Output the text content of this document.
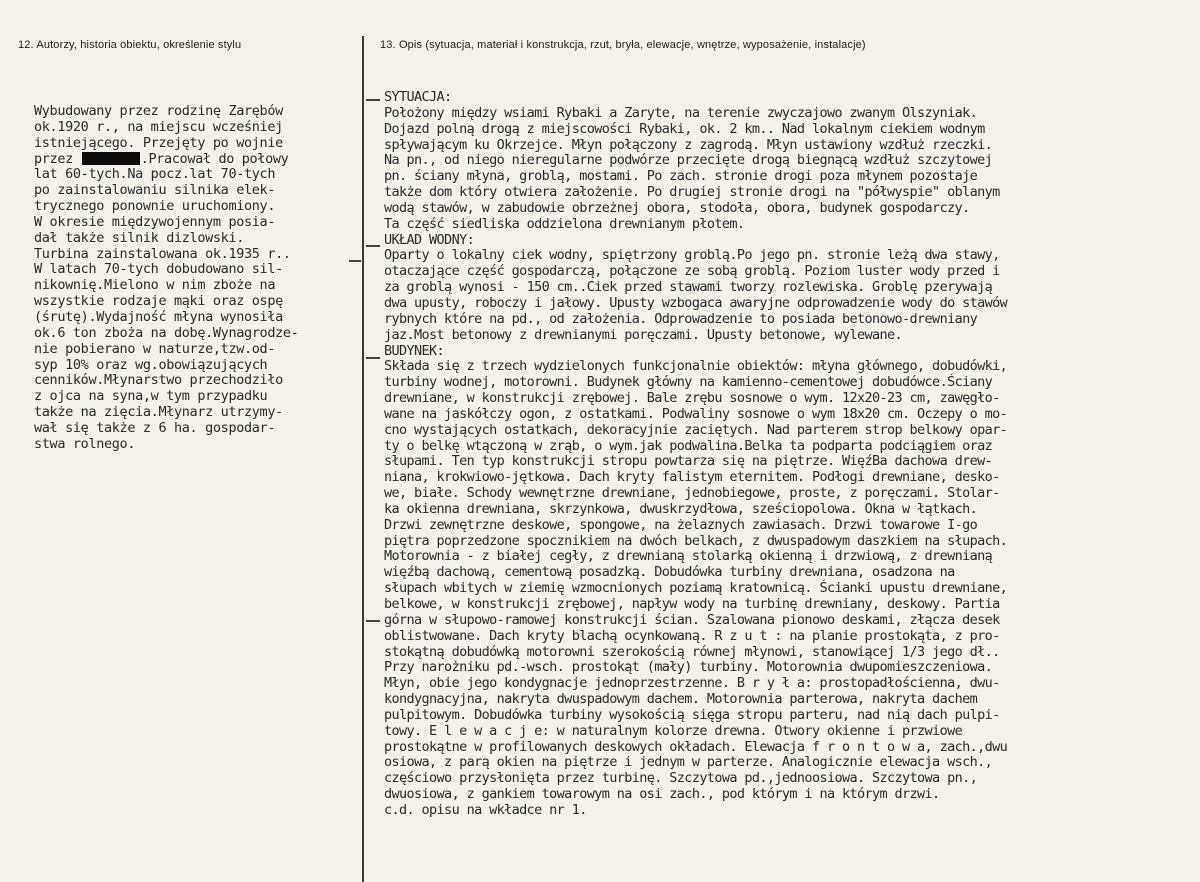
12. Autorzy, historia obiektu, określenie stylu	13. Opis (sytuacja, materiał i konstrukcja, rzut, bryła, elewacje, wnętrze, wyposażenie, instalacje)
Wybudowany przez rodzinę Zarębów
ok.1920 r., na miejscu wcześniej
istniejącego. Przejęty po wojnie
przez	.Pracował do połowy
lat 60-tych.Na pocz.lat 70-tych
po zainstalowaniu silnika elek-
trycznego ponownie uruchomiony.
W okresie międzywojennym posia-
dał także silnik dizlowski.
Turbina zainstalowana ok.1935 r..
W latach 70-tych dobudowano sil-
nikownię.Mielono w nim zboże na
wszystkie rodzaje mąki oraz ospę
(śrutę).Wydajność młyna wynosiła
ok.6 ton zboża na dobę.Wynagrodze-
nie pobierano w naturze,tzw.od-
syp 10% oraz wg.obowiązujących
cenników.Młynarstwo przechodziło
z ojca na syna,w tym przypadku
także na zięcia.Młynarz utrzymy-
wał się także z 6 ha. gospodar-
stwa rolnego.
SYTUACJA:
Położony między wsiami Rybaki a Zaryte, na terenie zwyczajowo zwanym Olszyniak.
Dojazd polną drogą z miejscowości Rybaki, ok. 2 km.. Nad lokalnym ciekiem wodnym
spływającym ku Okrzejce. Młyn połączony z zagrodą. Młyn ustawiony wzdłuż rzeczki.
Na pn., od niego nieregularne podwórze przecięte drogą biegnącą wzdłuż szczytowej
pn. ściany młyna, groblą, mostami. Po zach. stronie drogi poza młynem pozostaje
także dom który otwiera założenie. Po drugiej stronie drogi na "półwyspie" oblanym
wodą stawów, w zabudowie obrzeżnej obora, stodoła, obora, budynek gospodarczy.
Ta część siedliska oddzielona drewnianym płotem.
UKŁAD WODNY:
Oparty o lokalny ciek wodny, spiętrzony groblą.Po jego pn. stronie leżą dwa stawy,
otaczające część gospodarczą, połączone ze sobą groblą. Poziom luster wody przed i
za groblą wynosi - 150 cm..Ciek przed stawami tworzy rozlewiska. Groblę pzerywają
dwa upusty, roboczy i jałowy. Upusty wzbogaca awaryjne odprowadzenie wody do stawów
rybnych które na pd., od założenia. Odprowadzenie to posiada betonowo-drewniany
jaz.Most betonowy z drewnianymi poręczami. Upusty betonowe, wylewane.
BUDYNEK:
Składa się z trzech wydzielonych funkcjonalnie obiektów: młyna głównego, dobudówki,
turbiny wodnej, motorowni. Budynek główny na kamienno-cementowej dobudówce.Ściany
drewniane, w konstrukcji zrębowej. Bale zrębu sosnowe o wym. 12x20-23 cm, zawęgło-
wane na jaskółczy ogon, z ostatkami. Podwaliny sosnowe o wym 18x20 cm. Oczepy o mo-
cno wystających ostatkach, dekoracyjnie zaciętych. Nad parterem strop belkowy opar-
ty o belkę wtączoną w zrąb, o wym.jak podwalina.Belka ta podparta podciągiem oraz
słupami. Ten typ konstrukcji stropu powtarza się na piętrze. WięźBa dachowa drew-
niana, krokwiowo-jętkowa. Dach kryty falistym eternitem. Podłogi drewniane, desko-
we, białe. Schody wewnętrzne drewniane, jednobiegowe, proste, z poręczami. Stolar-
ka okienna drewniana, skrzynkowa, dwuskrzydłowa, sześciopolowa. Okna w łątkach.
Drzwi zewnętrzne deskowe, spongowe, na żelaznych zawiasach. Drzwi towarowe I-go
piętra poprzedzone spocznikiem na dwóch belkach, z dwuspadowym daszkiem na słupach.
Motorownia - z białej cegły, z drewnianą stolarką okienną i drzwiową, z drewnianą
więźbą dachową, cementową posadzką. Dobudówka turbiny drewniana, osadzona na
słupach wbitych w ziemię wzmocnionych poziamą kratownicą. Ścianki upustu drewniane,
belkowe, w konstrukcji zrębowej, napływ wody na turbinę drewniany, deskowy. Partia
górna w słupowo-ramowej konstrukcji ścian. Szalowana pionowo deskami, złącza desek
oblistwowane. Dach kryty blachą ocynkowaną. R z u t : na planie prostokąta, z pro-
stokątną dobudówką motorowni szerokością równej młynowi, stanowiącej 1/3 jego dł..
Przy narożniku pd.-wsch. prostokąt (mały) turbiny. Motorownia dwupomieszczeniowa.
Młyn, obie jego kondygnacje jednoprzestrzenne. B r y ł a: prostopadłościenna, dwu-
kondygnacyjna, nakryta dwuspadowym dachem. Motorownia parterowa, nakryta dachem
pulpitowym. Dobudówka turbiny wysokością sięga stropu parteru, nad nią dach pulpi-
towy. E l e w a c j e: w naturalnym kolorze drewna. Otwory okienne i przwiowe
prostokątne w profilowanych deskowych okładach. Elewacja f r o n t o w a, zach.,dwu
osiowa, z parą okien na piętrze i jednym w parterze. Analogicznie elewacja wsch.,
częściowo przysłonięta przez turbinę. Szczytowa pd.,jednoosiowa. Szczytowa pn.,
dwuosiowa, z gankiem towarowym na osi zach., pod którym i na którym drzwi.
c.d. opisu na wkładce nr 1.
